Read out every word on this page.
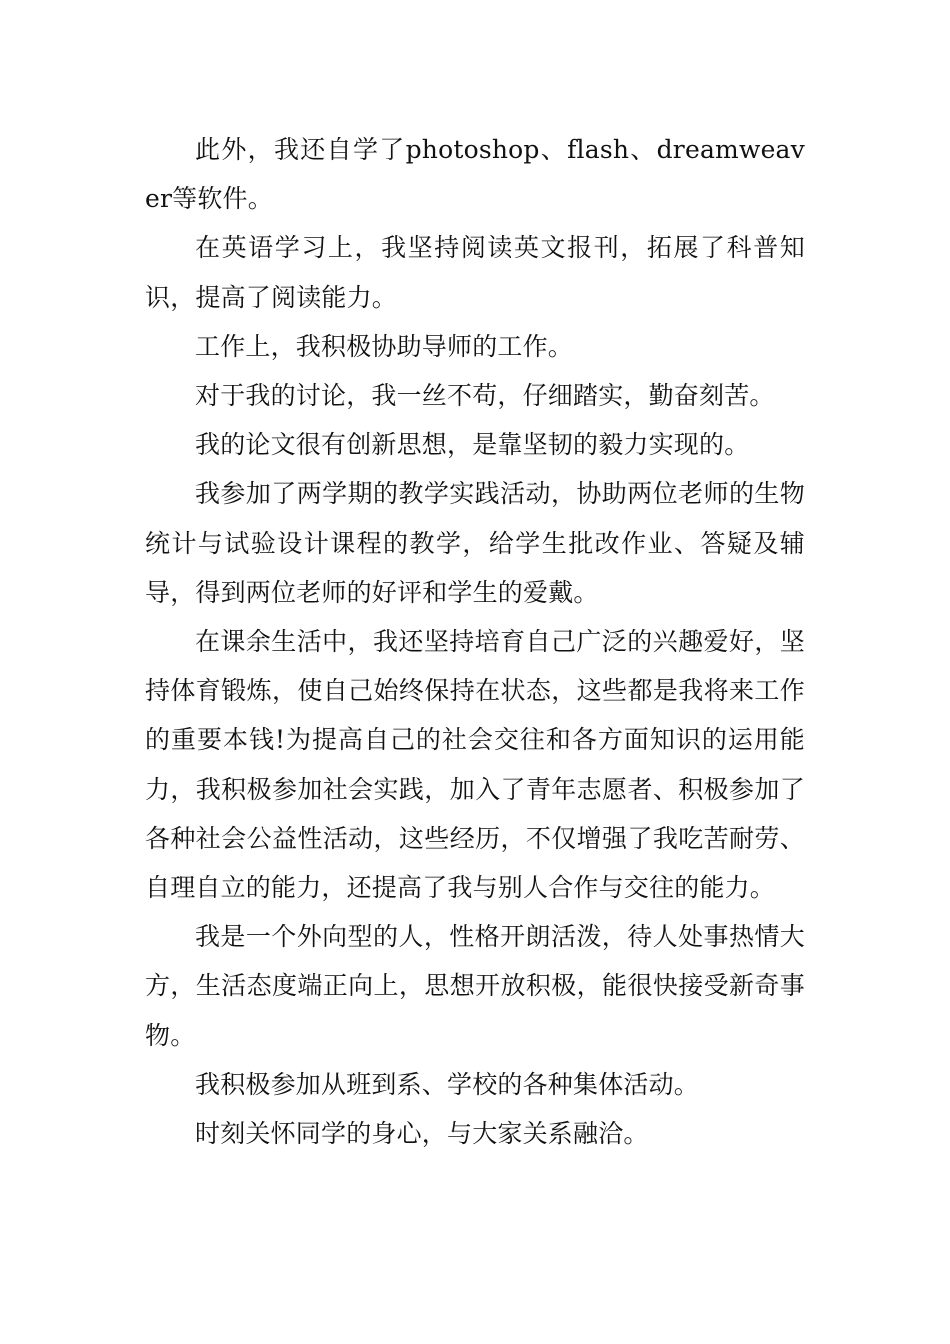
此外，我还自学了photoshop、flash、dreamweaver等软件。

在英语学习上，我坚持阅读英文报刊，拓展了科普知识，提高了阅读能力。

工作上，我积极协助导师的工作。

对于我的讨论，我一丝不苟，仔细踏实，勤奋刻苦。

我的论文很有创新思想，是靠坚韧的毅力实现的。

我参加了两学期的教学实践活动，协助两位老师的生物统计与试验设计课程的教学，给学生批改作业、答疑及辅导，得到两位老师的好评和学生的爱戴。

在课余生活中，我还坚持培育自己广泛的兴趣爱好，坚持体育锻炼，使自己始终保持在状态，这些都是我将来工作的重要本钱!为提高自己的社会交往和各方面知识的运用能力，我积极参加社会实践，加入了青年志愿者、积极参加了各种社会公益性活动，这些经历，不仅增强了我吃苦耐劳、自理自立的能力，还提高了我与别人合作与交往的能力。

我是一个外向型的人，性格开朗活泼，待人处事热情大方，生活态度端正向上，思想开放积极，能很快接受新奇事物。

我积极参加从班到系、学校的各种集体活动。

时刻关怀同学的身心，与大家关系融洽。
